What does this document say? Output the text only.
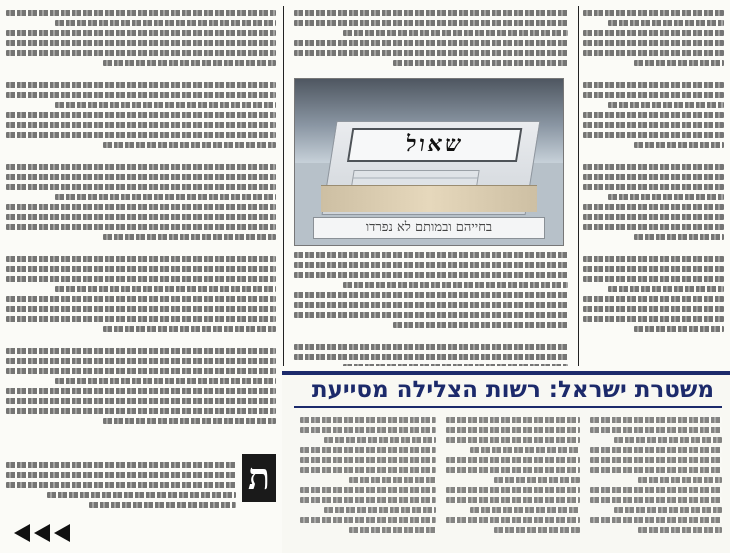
שאול
בחייהם ובמותם לא נפרדו
ת
משטרת ישראל: רשות הצלילה מסייעת
